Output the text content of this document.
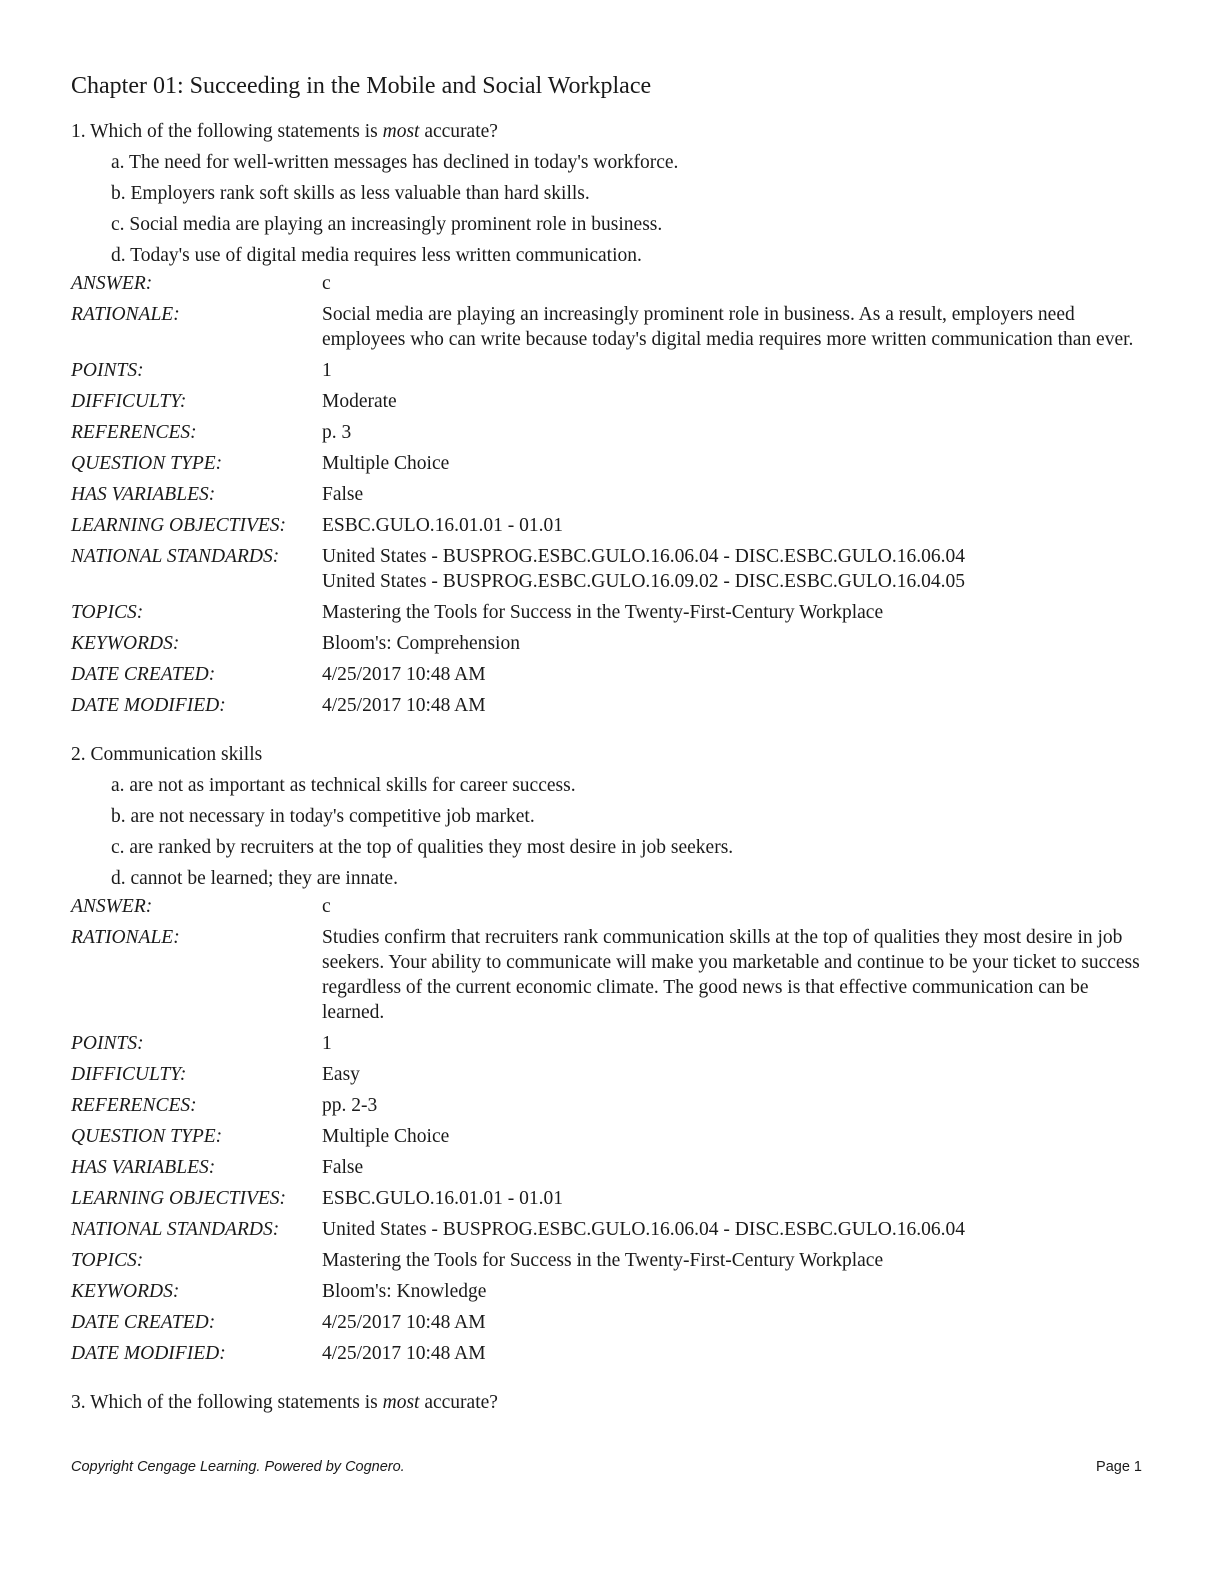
Chapter 01: Succeeding in the Mobile and Social Workplace
1. Which of the following statements is most accurate?
a. The need for well-written messages has declined in today's workforce.
b. Employers rank soft skills as less valuable than hard skills.
c. Social media are playing an increasingly prominent role in business.
d. Today's use of digital media requires less written communication.
ANSWER:	c
RATIONALE:	Social media are playing an increasingly prominent role in business. As a result, employers need employees who can write because today's digital media requires more written communication than ever.
POINTS:	1
DIFFICULTY:	Moderate
REFERENCES:	p. 3
QUESTION TYPE:	Multiple Choice
HAS VARIABLES:	False
LEARNING OBJECTIVES:	ESBC.GULO.16.01.01 - 01.01
NATIONAL STANDARDS:	United States - BUSPROG.ESBC.GULO.16.06.04 - DISC.ESBC.GULO.16.06.04
United States - BUSPROG.ESBC.GULO.16.09.02 - DISC.ESBC.GULO.16.04.05
TOPICS:	Mastering the Tools for Success in the Twenty-First-Century Workplace
KEYWORDS:	Bloom's: Comprehension
DATE CREATED:	4/25/2017 10:48 AM
DATE MODIFIED:	4/25/2017 10:48 AM
2. Communication skills
a. are not as important as technical skills for career success.
b. are not necessary in today's competitive job market.
c. are ranked by recruiters at the top of qualities they most desire in job seekers.
d. cannot be learned; they are innate.
ANSWER:	c
RATIONALE:	Studies confirm that recruiters rank communication skills at the top of qualities they most desire in job seekers. Your ability to communicate will make you marketable and continue to be your ticket to success regardless of the current economic climate. The good news is that effective communication can be learned.
POINTS:	1
DIFFICULTY:	Easy
REFERENCES:	pp. 2-3
QUESTION TYPE:	Multiple Choice
HAS VARIABLES:	False
LEARNING OBJECTIVES:	ESBC.GULO.16.01.01 - 01.01
NATIONAL STANDARDS:	United States - BUSPROG.ESBC.GULO.16.06.04 - DISC.ESBC.GULO.16.06.04
TOPICS:	Mastering the Tools for Success in the Twenty-First-Century Workplace
KEYWORDS:	Bloom's: Knowledge
DATE CREATED:	4/25/2017 10:48 AM
DATE MODIFIED:	4/25/2017 10:48 AM
3. Which of the following statements is most accurate?
Copyright Cengage Learning. Powered by Cognero.	Page 1
